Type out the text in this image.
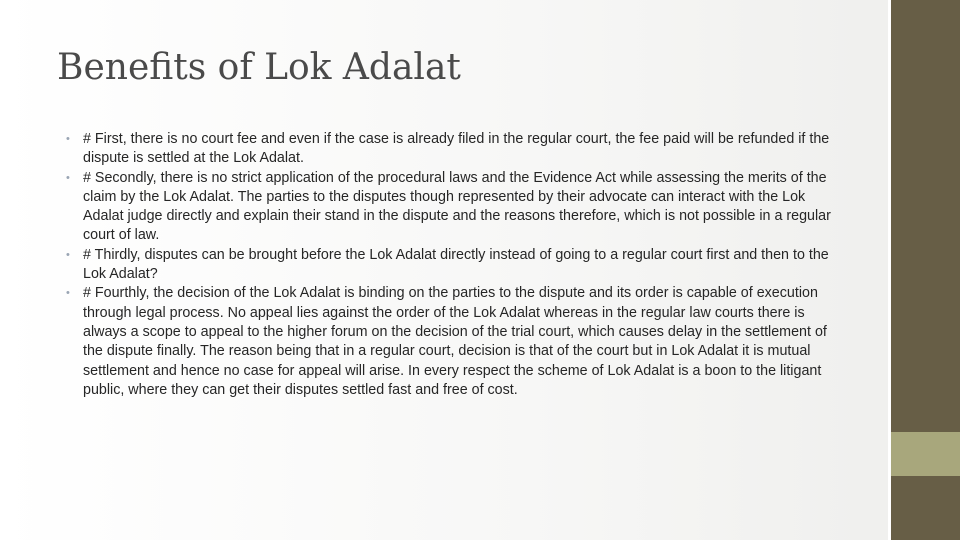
Benefits of Lok Adalat
• # First, there is no court fee and even if the case is already filed in the regular court, the fee paid will be refunded if the dispute is settled at the Lok Adalat.
• # Secondly, there is no strict application of the procedural laws and the Evidence Act while assessing the merits of the claim by the Lok Adalat. The parties to the disputes though represented by their advocate can interact with the Lok Adalat judge directly and explain their stand in the dispute and the reasons therefore, which is not possible in a regular court of law.
• # Thirdly, disputes can be brought before the Lok Adalat directly instead of going to a regular court first and then to the Lok Adalat?
• # Fourthly, the decision of the Lok Adalat is binding on the parties to the dispute and its order is capable of execution through legal process. No appeal lies against the order of the Lok Adalat whereas in the regular law courts there is always a scope to appeal to the higher forum on the decision of the trial court, which causes delay in the settlement of the dispute finally. The reason being that in a regular court, decision is that of the court but in Lok Adalat it is mutual settlement and hence no case for appeal will arise. In every respect the scheme of Lok Adalat is a boon to the litigant public, where they can get their disputes settled fast and free of cost.
